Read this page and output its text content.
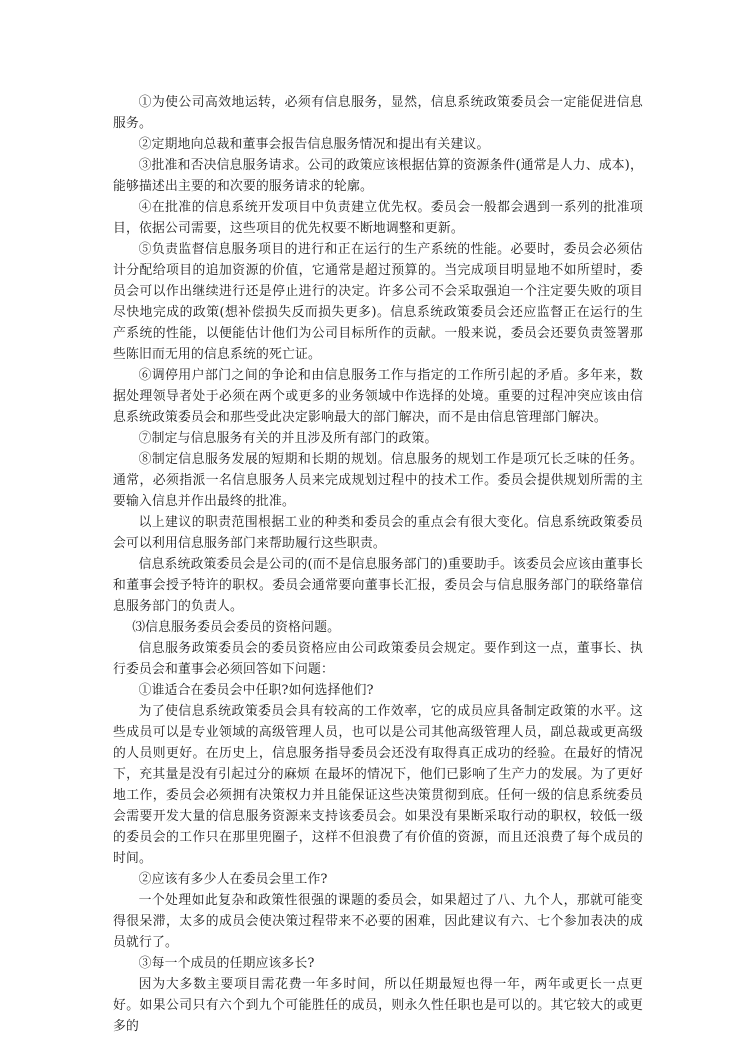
①为使公司高效地运转，必须有信息服务，显然，信息系统政策委员会一定能促进信息服务。

②定期地向总裁和董事会报告信息服务情况和提出有关建议。

③批准和否决信息服务请求。公司的政策应该根据估算的资源条件(通常是人力、成本)，能够描述出主要的和次要的服务请求的轮廓。

④在批准的信息系统开发项目中负责建立优先权。委员会一般都会遇到一系列的批准项目，依据公司需要，这些项目的优先权要不断地调整和更新。

⑤负责监督信息服务项目的进行和正在运行的生产系统的性能。必要时，委员会必须估计分配给项目的追加资源的价值，它通常是超过预算的。当完成项目明显地不如所望时，委员会可以作出继续进行还是停止进行的决定。许多公司不会采取强迫一个注定要失败的项目尽快地完成的政策(想补偿损失反而损失更多)。信息系统政策委员会还应监督正在运行的生产系统的性能，以便能估计他们为公司目标所作的贡献。一般来说，委员会还要负责签署那些陈旧而无用的信息系统的死亡证。

⑥调停用户部门之间的争论和由信息服务工作与指定的工作所引起的矛盾。多年来，数据处理领导者处于必须在两个或更多的业务领域中作选择的处境。重要的过程冲突应该由信息系统政策委员会和那些受此决定影响最大的部门解决，而不是由信息管理部门解决。

⑦制定与信息服务有关的并且涉及所有部门的政策。

⑧制定信息服务发展的短期和长期的规划。信息服务的规划工作是项冗长乏味的任务。通常，必须指派一名信息服务人员来完成规划过程中的技术工作。委员会提供规划所需的主要输入信息并作出最终的批准。

以上建议的职责范围根据工业的种类和委员会的重点会有很大变化。信息系统政策委员会可以利用信息服务部门来帮助履行这些职责。

信息系统政策委员会是公司的(而不是信息服务部门的)重要助手。该委员会应该由董事长和董事会授予特许的职权。委员会通常要向董事长汇报，委员会与信息服务部门的联络靠信息服务部门的负责人。

⑶信息服务委员会委员的资格问题。

信息服务政策委员会的委员资格应由公司政策委员会规定。要作到这一点，董事长、执行委员会和董事会必须回答如下问题：

①谁适合在委员会中任职?如何选择他们?

为了使信息系统政策委员会具有较高的工作效率，它的成员应具备制定政策的水平。这些成员可以是专业领域的高级管理人员，也可以是公司其他高级管理人员，副总裁或更高级的人员则更好。在历史上，信息服务指导委员会还没有取得真正成功的经验。在最好的情况下，充其量是没有引起过分的麻烦 在最坏的情况下，他们已影响了生产力的发展。为了更好地工作，委员会必须拥有决策权力并且能保证这些决策贯彻到底。任何一级的信息系统委员会需要开发大量的信息服务资源来支持该委员会。如果没有果断采取行动的职权，较低一级的委员会的工作只在那里兜圈子，这样不但浪费了有价值的资源，而且还浪费了每个成员的时间。

②应该有多少人在委员会里工作?

一个处理如此复杂和政策性很强的课题的委员会，如果超过了八、九个人，那就可能变得很呆滞，太多的成员会使决策过程带来不必要的困难，因此建议有六、七个参加表决的成员就行了。

③每一个成员的任期应该多长?

因为大多数主要项目需花费一年多时间，所以任期最短也得一年，两年或更长一点更好。如果公司只有六个到九个可能胜任的成员，则永久性任职也是可以的。其它较大的或更多的
